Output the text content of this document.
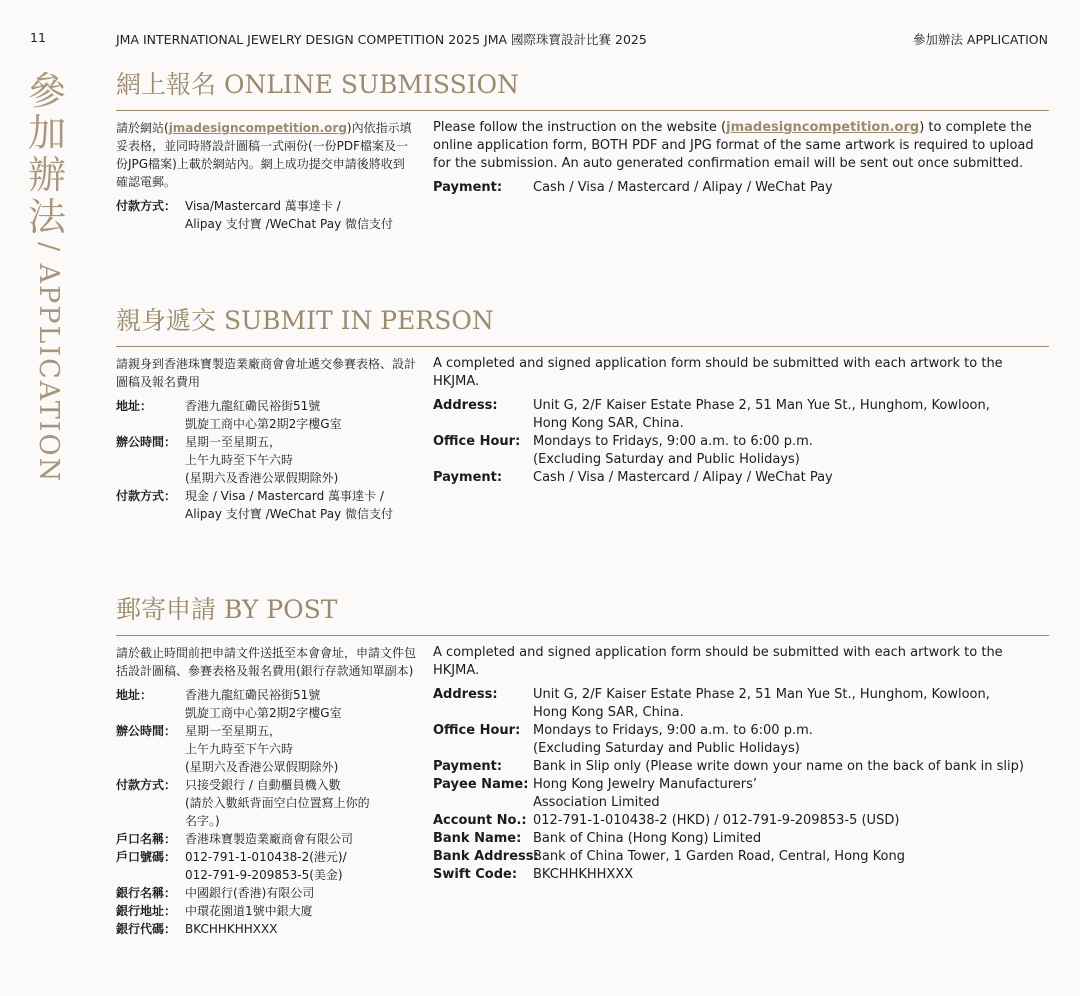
11	JMA INTERNATIONAL JEWELRY DESIGN COMPETITION 2025 JMA 國際珠寶設計比賽 2025	參加辦法 APPLICATION
參加辦法
/ APPLICATION
網上報名 ONLINE SUBMISSION

請於網站(jmadesigncompetition.org)內依指示填妥表格，並同時將設計圖稿一式兩份(一份PDF檔案及一份JPG檔案)上載於網站內。網上成功提交申請後將收到確認電郵。

付款方式： Visa/Mastercard 萬事達卡 /
Alipay 支付寶 /WeChat Pay 微信支付

Please follow the instruction on the website (jmadesigncompetition.org) to complete the online application form, BOTH PDF and JPG format of the same artwork is required to upload for the submission. An auto generated confirmation email will be sent out once submitted.

Payment:	Cash / Visa / Mastercard / Alipay / WeChat Pay
親身遞交 SUBMIT IN PERSON

請親身到香港珠寶製造業廠商會會址遞交參賽表格、設計圖稿及報名費用

地址：	香港九龍紅磡民裕街51號
凱旋工商中心第2期2字樓G室
辦公時間： 星期一至星期五，
上午九時至下午六時
(星期六及香港公眾假期除外)
付款方式： 現金 / Visa / Mastercard 萬事達卡 /
Alipay 支付寶 /WeChat Pay 微信支付

A completed and signed application form should be submitted with each artwork to the HKJMA.

Address:	Unit G, 2/F Kaiser Estate Phase 2, 51 Man Yue St., Hunghom, Kowloon,
Hong Kong SAR, China.
Office Hour: Mondays to Fridays, 9:00 a.m. to 6:00 p.m.
(Excluding Saturday and Public Holidays)
Payment:	Cash / Visa / Mastercard / Alipay / WeChat Pay
郵寄申請 BY POST

請於截止時間前把申請文件送抵至本會會址，申請文件包括設計圖稿、參賽表格及報名費用(銀行存款通知單副本)

地址：	香港九龍紅磡民裕街51號
凱旋工商中心第2期2字樓G室
辦公時間： 星期一至星期五，
上午九時至下午六時
(星期六及香港公眾假期除外)
付款方式： 只接受銀行 / 自動櫃員機入數
(請於入數紙背面空白位置寫上你的
名字。)
戶口名稱： 香港珠寶製造業廠商會有限公司
戶口號碼： 012-791-1-010438-2(港元)/
012-791-9-209853-5(美金)
銀行名稱： 中國銀行(香港)有限公司
銀行地址： 中環花園道1號中銀大廈
銀行代碼： BKCHHKHHXXX

A completed and signed application form should be submitted with each artwork to the HKJMA.

Address:	Unit G, 2/F Kaiser Estate Phase 2, 51 Man Yue St., Hunghom, Kowloon,
Hong Kong SAR, China.
Office Hour: Mondays to Fridays, 9:00 a.m. to 6:00 p.m.
(Excluding Saturday and Public Holidays)
Payment:	Bank in Slip only (Please write down your name on the back of bank in slip)
Payee Name: Hong Kong Jewelry Manufacturers’
Association Limited
Account No.: 012-791-1-010438-2 (HKD) / 012-791-9-209853-5 (USD)
Bank Name: Bank of China (Hong Kong) Limited
Bank Address:
Bank of China Tower, 1 Garden Road, Central, Hong Kong
Swift Code:	BKCHHKHHXXX
